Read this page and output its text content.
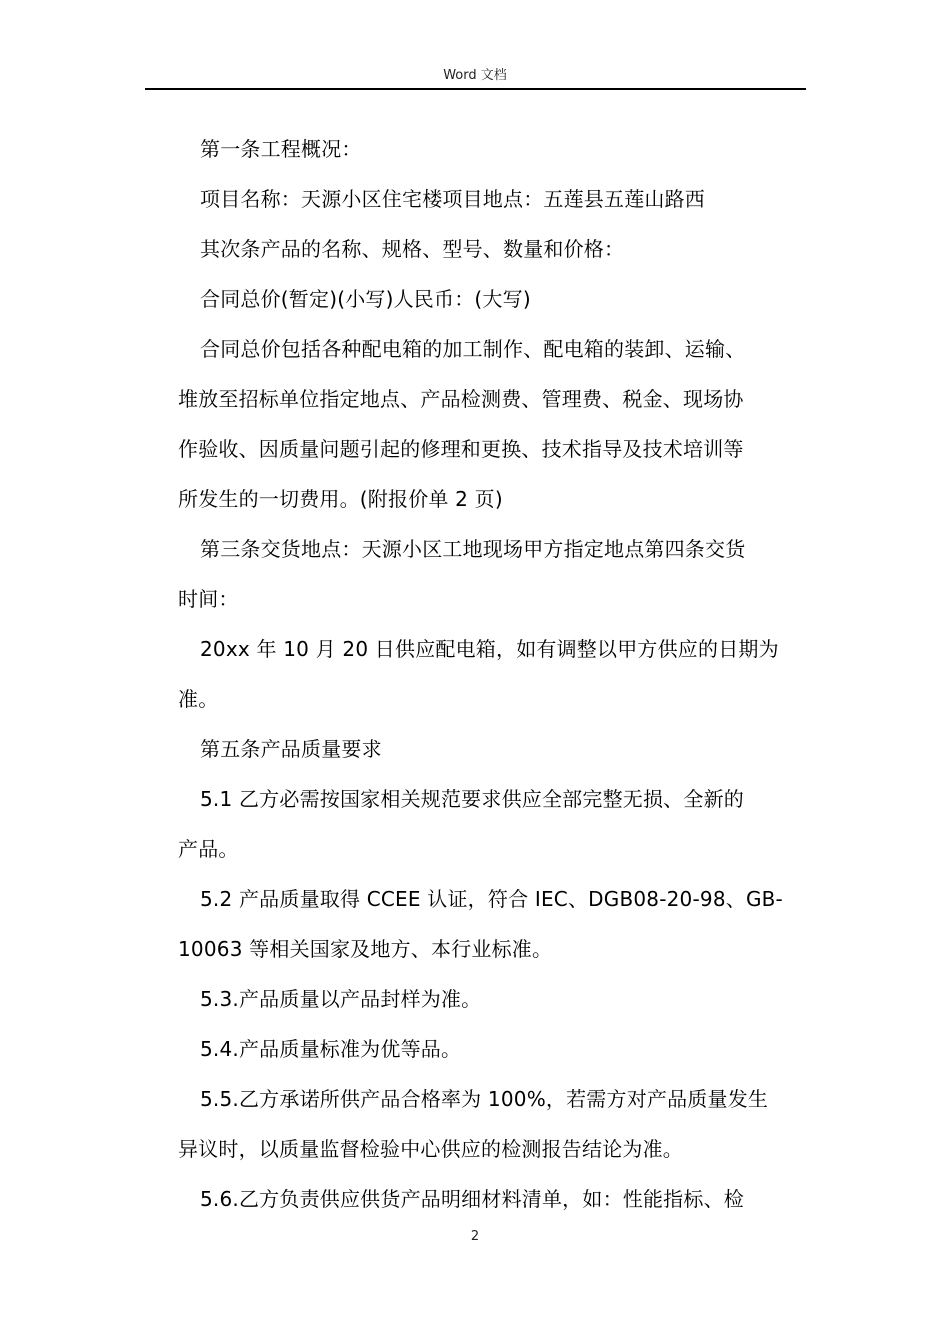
Word 文档
第一条工程概况：
项目名称：天源小区住宅楼项目地点：五莲县五莲山路西
其次条产品的名称、规格、型号、数量和价格：
合同总价(暂定)(小写)人民币：(大写)
合同总价包括各种配电箱的加工制作、配电箱的装卸、运输、
堆放至招标单位指定地点、产品检测费、管理费、税金、现场协
作验收、因质量问题引起的修理和更换、技术指导及技术培训等
所发生的一切费用。(附报价单 2 页)
第三条交货地点：天源小区工地现场甲方指定地点第四条交货
时间：
20xx 年 10 月 20 日供应配电箱，如有调整以甲方供应的日期为
准。
第五条产品质量要求
5.1 乙方必需按国家相关规范要求供应全部完整无损、全新的
产品。
5.2 产品质量取得 CCEE 认证，符合 IEC、DGB08-20-98、GB-
10063 等相关国家及地方、本行业标准。
5.3.产品质量以产品封样为准。
5.4.产品质量标准为优等品。
5.5.乙方承诺所供产品合格率为 100%，若需方对产品质量发生
异议时，以质量监督检验中心供应的检测报告结论为准。
5.6.乙方负责供应供货产品明细材料清单，如：性能指标、检
2
